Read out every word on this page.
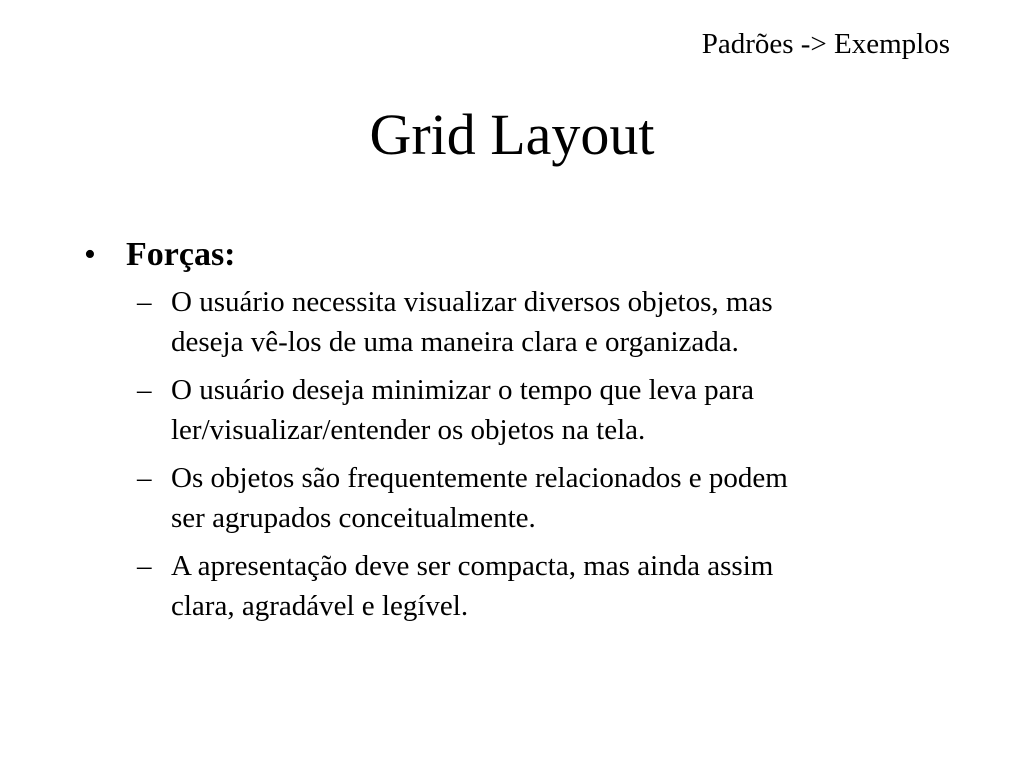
Padrões -> Exemplos
Grid Layout
• Forças:
– O usuário necessita visualizar diversos objetos, mas
deseja vê-los de uma maneira clara e organizada.
– O usuário deseja minimizar o tempo que leva para
ler/visualizar/entender os objetos na tela.
– Os objetos são frequentemente relacionados e podem
ser agrupados conceitualmente.
– A apresentação deve ser compacta, mas ainda assim
clara, agradável e legível.
